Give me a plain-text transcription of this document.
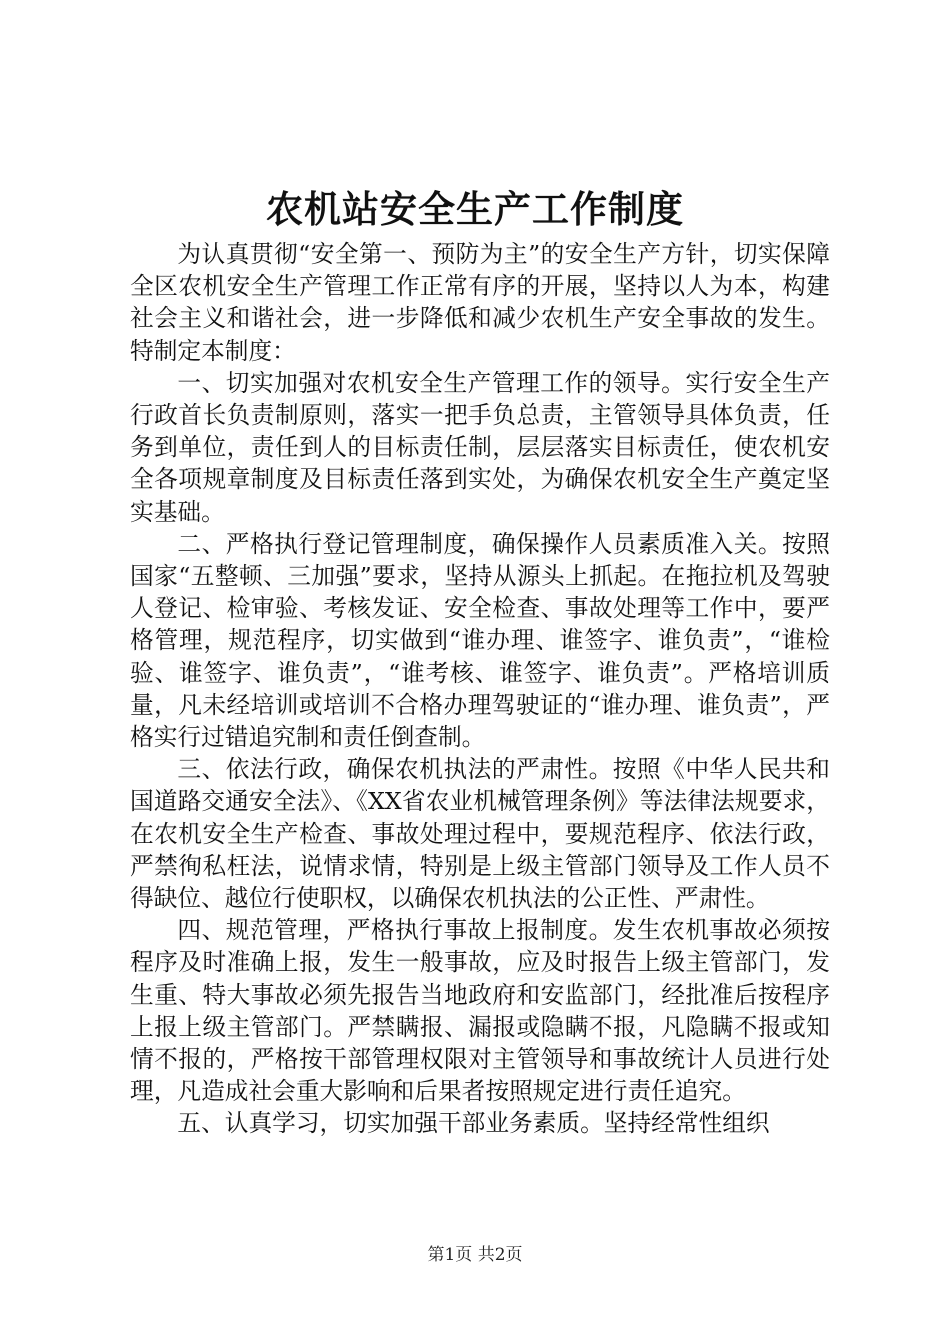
农机站安全生产工作制度

为认真贯彻“安全第一、预防为主”的安全生产方针，切实保障全区农机安全生产管理工作正常有序的开展，坚持以人为本，构建社会主义和谐社会，进一步降低和减少农机生产安全事故的发生。特制定本制度：

一、切实加强对农机安全生产管理工作的领导。实行安全生产行政首长负责制原则，落实一把手负总责，主管领导具体负责，任务到单位，责任到人的目标责任制，层层落实目标责任，使农机安全各项规章制度及目标责任落到实处，为确保农机安全生产奠定坚实基础。

二、严格执行登记管理制度，确保操作人员素质准入关。按照国家“五整顿、三加强”要求，坚持从源头上抓起。在拖拉机及驾驶人登记、检审验、考核发证、安全检查、事故处理等工作中，要严格管理，规范程序，切实做到“谁办理、谁签字、谁负责”，“谁检验、谁签字、谁负责”，“谁考核、谁签字、谁负责”。严格培训质量，凡未经培训或培训不合格办理驾驶证的“谁办理、谁负责”，严格实行过错追究制和责任倒查制。

三、依法行政，确保农机执法的严肃性。按照《中华人民共和国道路交通安全法》、《XX省农业机械管理条例》等法律法规要求，在农机安全生产检查、事故处理过程中，要规范程序、依法行政，严禁徇私枉法，说情求情，特别是上级主管部门领导及工作人员不得缺位、越位行使职权，以确保农机执法的公正性、严肃性。

四、规范管理，严格执行事故上报制度。发生农机事故必须按程序及时准确上报，发生一般事故，应及时报告上级主管部门，发生重、特大事故必须先报告当地政府和安监部门，经批准后按程序上报上级主管部门。严禁瞒报、漏报或隐瞒不报，凡隐瞒不报或知情不报的，严格按干部管理权限对主管领导和事故统计人员进行处理，凡造成社会重大影响和后果者按照规定进行责任追究。

五、认真学习，切实加强干部业务素质。坚持经常性组织

第1页 共2页
